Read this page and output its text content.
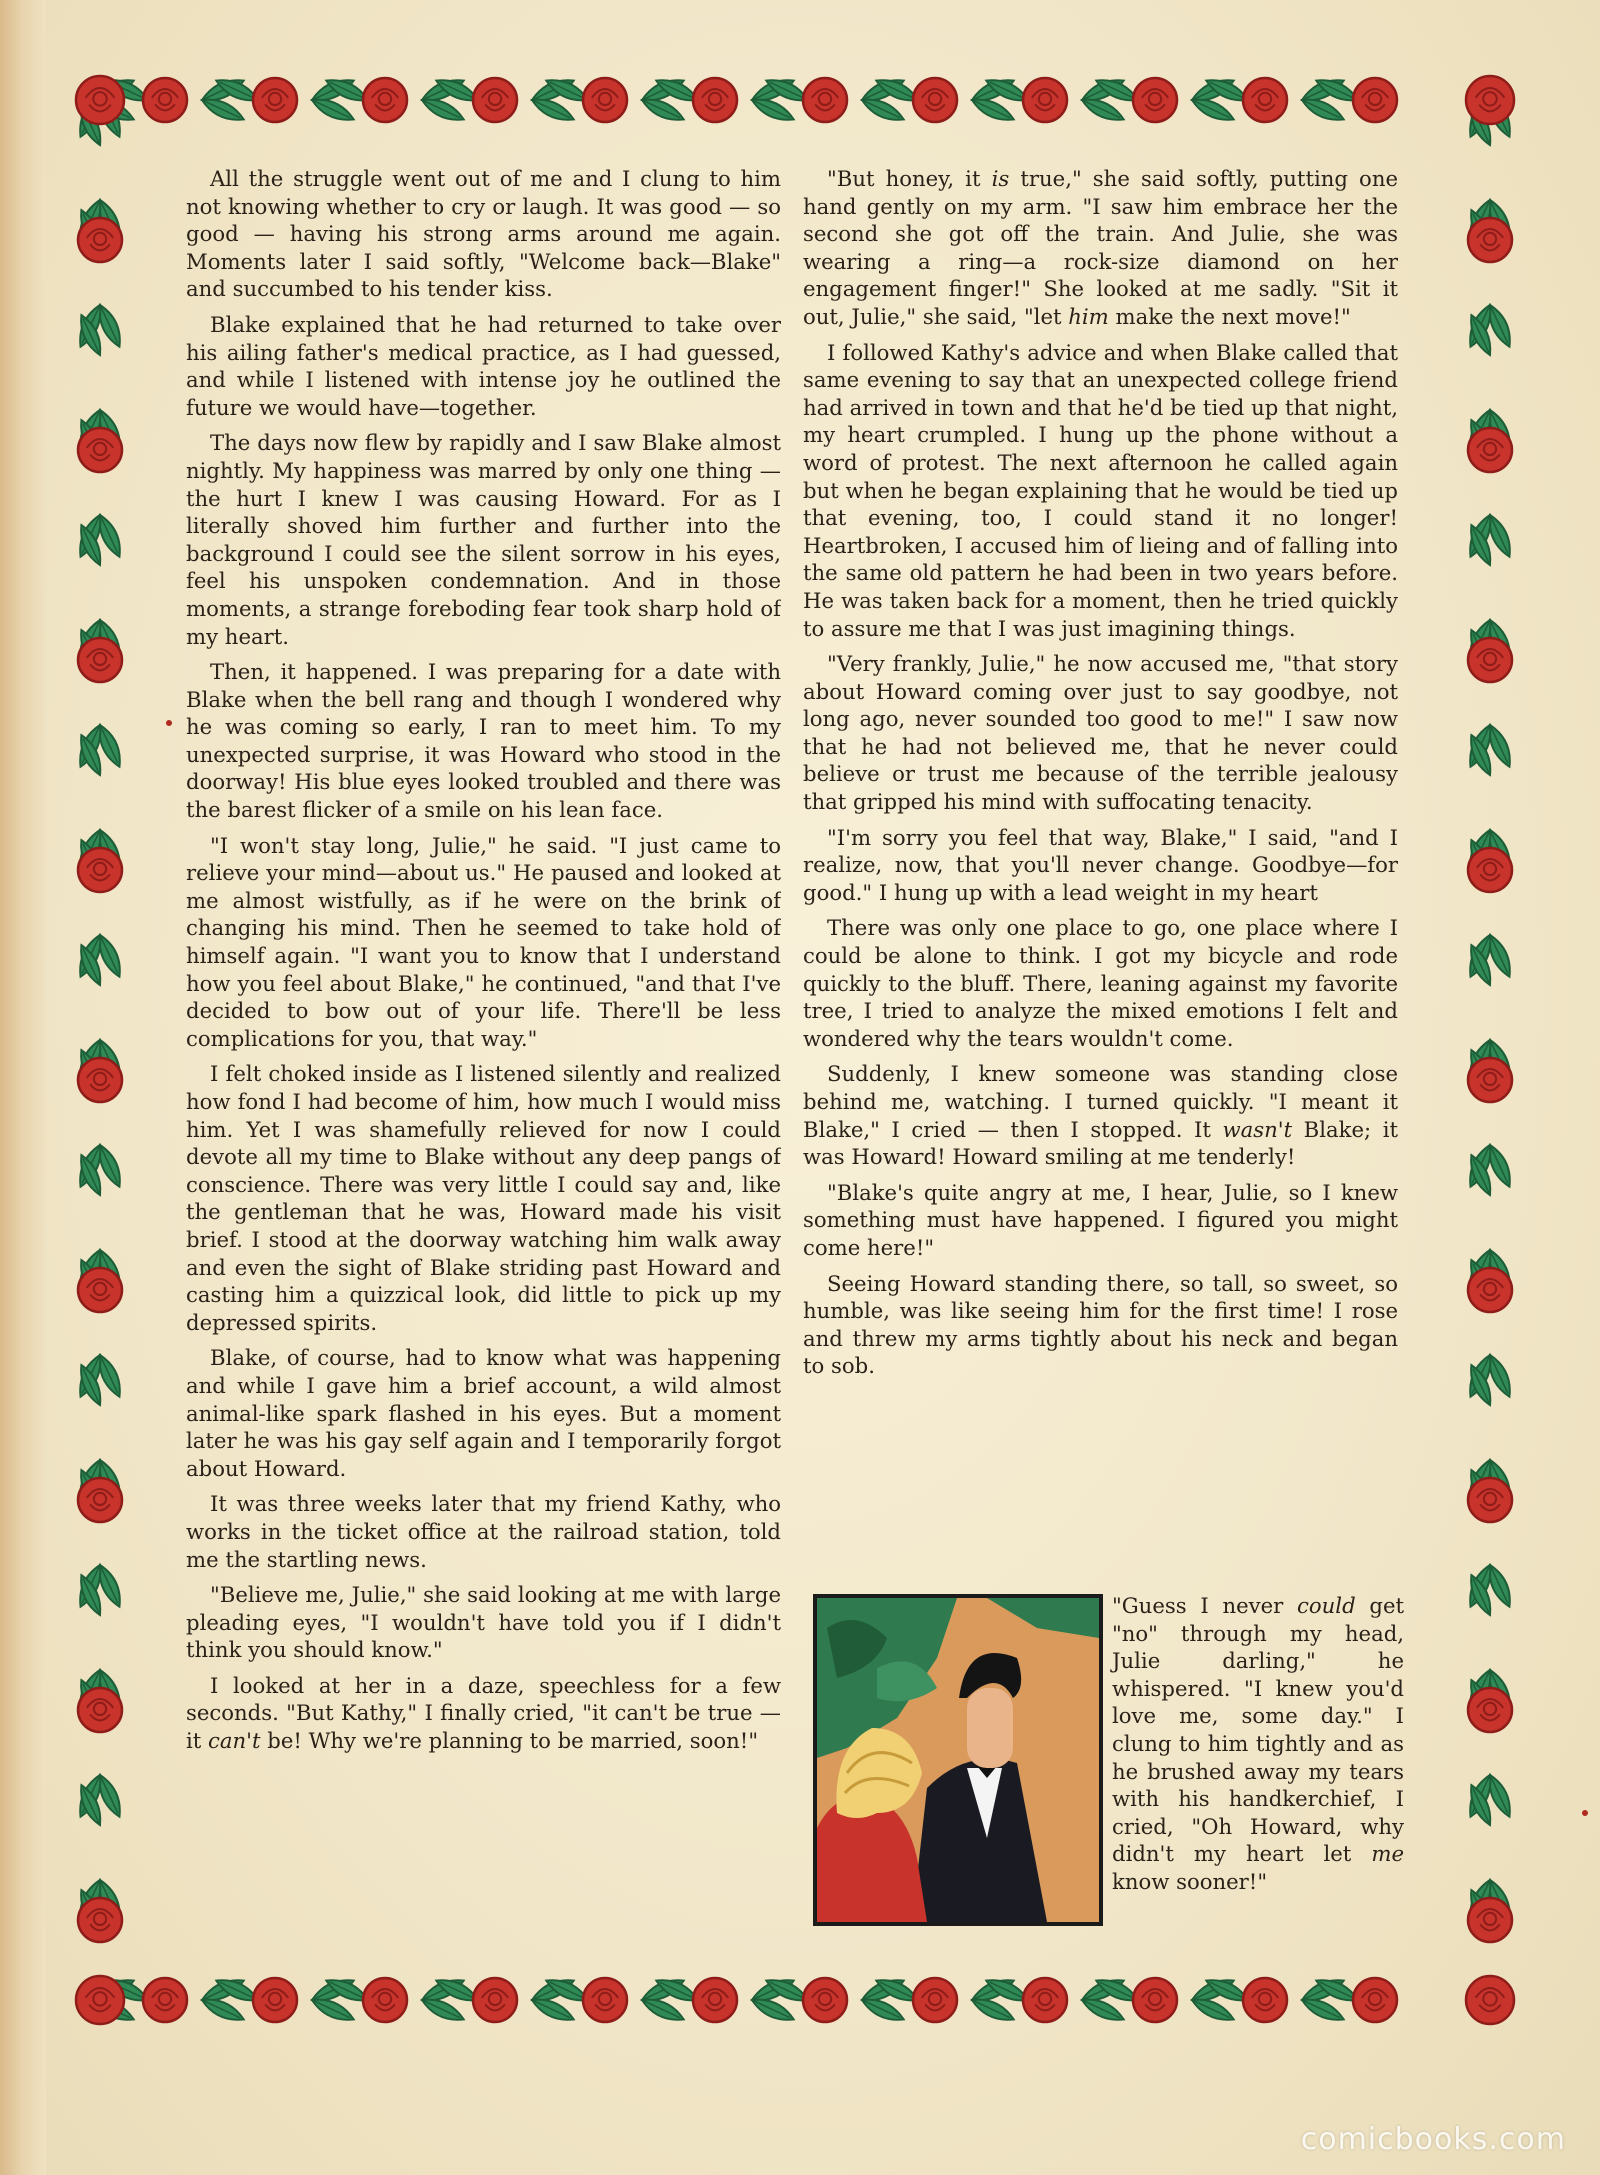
All the struggle went out of me and I clung to him not knowing whether to cry or laugh. It was good — so good — having his strong arms around me again. Moments later I said softly, "Welcome back—Blake" and succumbed to his tender kiss.

Blake explained that he had returned to take over his ailing father's medical practice, as I had guessed, and while I listened with intense joy he outlined the future we would have—together.

The days now flew by rapidly and I saw Blake almost nightly. My happiness was marred by only one thing — the hurt I knew I was causing Howard. For as I literally shoved him further and further into the background I could see the silent sorrow in his eyes, feel his unspoken condemnation. And in those moments, a strange foreboding fear took sharp hold of my heart.

Then, it happened. I was preparing for a date with Blake when the bell rang and though I wondered why he was coming so early, I ran to meet him. To my unexpected surprise, it was Howard who stood in the doorway! His blue eyes looked troubled and there was the barest flicker of a smile on his lean face.

"I won't stay long, Julie," he said. "I just came to relieve your mind—about us." He paused and looked at me almost wistfully, as if he were on the brink of changing his mind. Then he seemed to take hold of himself again. "I want you to know that I understand how you feel about Blake," he continued, "and that I've decided to bow out of your life. There'll be less complications for you, that way."

I felt choked inside as I listened silently and realized how fond I had become of him, how much I would miss him. Yet I was shamefully relieved for now I could devote all my time to Blake without any deep pangs of conscience. There was very little I could say and, like the gentleman that he was, Howard made his visit brief. I stood at the doorway watching him walk away and even the sight of Blake striding past Howard and casting him a quizzical look, did little to pick up my depressed spirits.

Blake, of course, had to know what was happening and while I gave him a brief account, a wild almost animal-like spark flashed in his eyes. But a moment later he was his gay self again and I temporarily forgot about Howard.

It was three weeks later that my friend Kathy, who works in the ticket office at the railroad station, told me the startling news.

"Believe me, Julie," she said looking at me with large pleading eyes, "I wouldn't have told you if I didn't think you should know."

I looked at her in a daze, speechless for a few seconds. "But Kathy," I finally cried, "it can't be true — it can't be! Why we're planning to be married, soon!"

"But honey, it is true," she said softly, putting one hand gently on my arm. "I saw him embrace her the second she got off the train. And Julie, she was wearing a ring—a rock-size diamond on her engagement finger!" She looked at me sadly. "Sit it out, Julie," she said, "let him make the next move!"

I followed Kathy's advice and when Blake called that same evening to say that an unexpected college friend had arrived in town and that he'd be tied up that night, my heart crumpled. I hung up the phone without a word of protest. The next afternoon he called again but when he began explaining that he would be tied up that evening, too, I could stand it no longer! Heartbroken, I accused him of lieing and of falling into the same old pattern he had been in two years before. He was taken back for a moment, then he tried quickly to assure me that I was just imagining things.

"Very frankly, Julie," he now accused me, "that story about Howard coming over just to say goodbye, not long ago, never sounded too good to me!" I saw now that he had not believed me, that he never could believe or trust me because of the terrible jealousy that gripped his mind with suffocating tenacity.

"I'm sorry you feel that way, Blake," I said, "and I realize, now, that you'll never change. Goodbye—for good." I hung up with a lead weight in my heart

There was only one place to go, one place where I could be alone to think. I got my bicycle and rode quickly to the bluff. There, leaning against my favorite tree, I tried to analyze the mixed emotions I felt and wondered why the tears wouldn't come.

Suddenly, I knew someone was standing close behind me, watching. I turned quickly. "I meant it Blake," I cried — then I stopped. It wasn't Blake; it was Howard! Howard smiling at me tenderly!

"Blake's quite angry at me, I hear, Julie, so I knew something must have happened. I figured you might come here!"

Seeing Howard standing there, so tall, so sweet, so humble, was like seeing him for the first time! I rose and threw my arms tightly about his neck and began to sob.

"Guess I never could get "no" through my head, Julie darling," he whispered. "I knew you'd love me, some day." I clung to him tightly and as he brushed away my tears with his handkerchief, I cried, "Oh Howard, why didn't my heart let me know sooner!"

comicbooks.com
